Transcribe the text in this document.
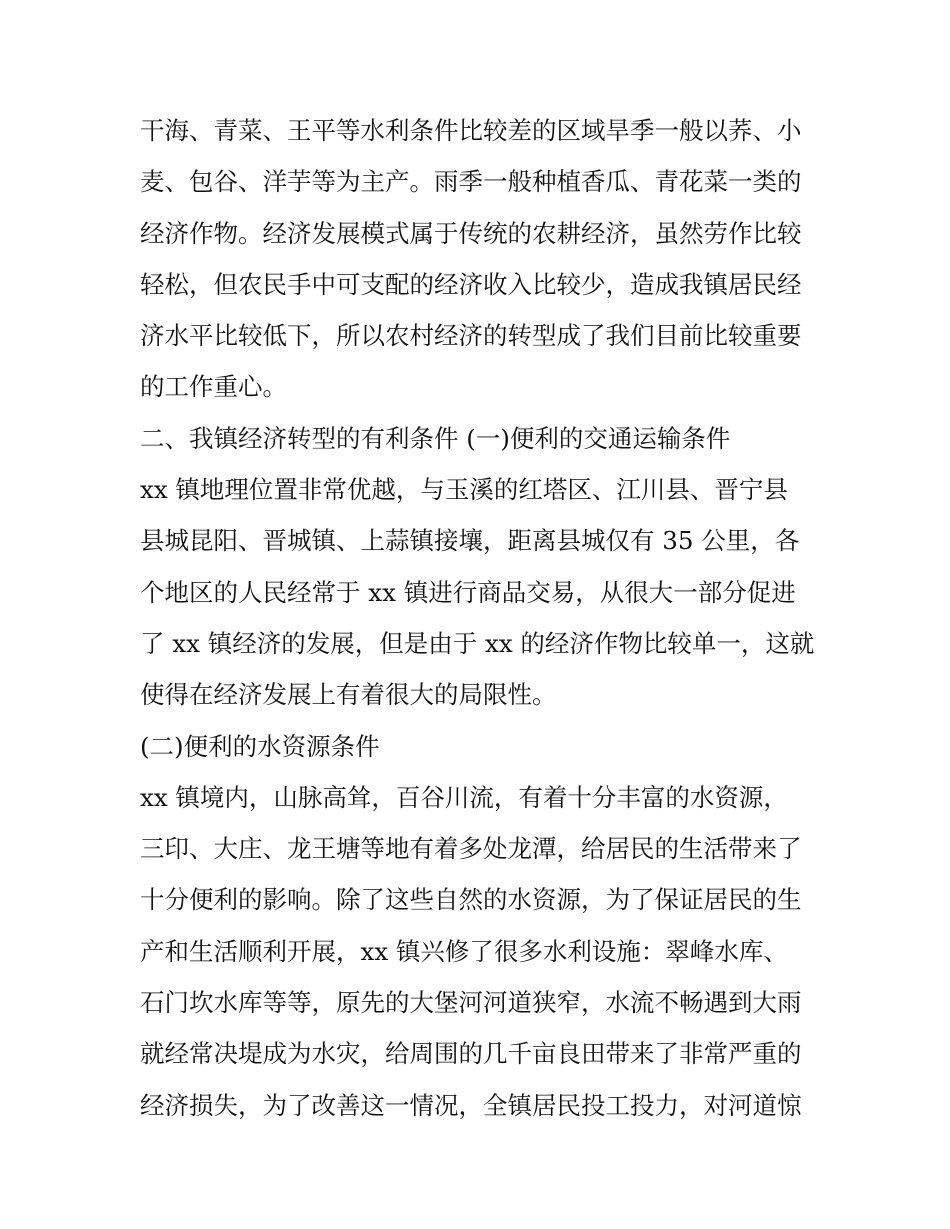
干海、青菜、王平等水利条件比较差的区域旱季一般以荞、小
麦、包谷、洋芋等为主产。雨季一般种植香瓜、青花菜一类的
经济作物。经济发展模式属于传统的农耕经济，虽然劳作比较
轻松，但农民手中可支配的经济收入比较少，造成我镇居民经
济水平比较低下，所以农村经济的转型成了我们目前比较重要
的工作重心。
二、我镇经济转型的有利条件 (一)便利的交通运输条件
xx 镇地理位置非常优越，与玉溪的红塔区、江川县、晋宁县
县城昆阳、晋城镇、上蒜镇接壤，距离县城仅有 35 公里，各
个地区的人民经常于 xx 镇进行商品交易，从很大一部分促进
了 xx 镇经济的发展，但是由于 xx 的经济作物比较单一，这就
使得在经济发展上有着很大的局限性。
(二)便利的水资源条件
xx 镇境内，山脉高耸，百谷川流，有着十分丰富的水资源，
三印、大庄、龙王塘等地有着多处龙潭，给居民的生活带来了
十分便利的影响。除了这些自然的水资源，为了保证居民的生
产和生活顺利开展，xx 镇兴修了很多水利设施：翠峰水库、
石门坎水库等等，原先的大堡河河道狭窄，水流不畅遇到大雨
就经常决堤成为水灾，给周围的几千亩良田带来了非常严重的
经济损失，为了改善这一情况，全镇居民投工投力，对河道惊
